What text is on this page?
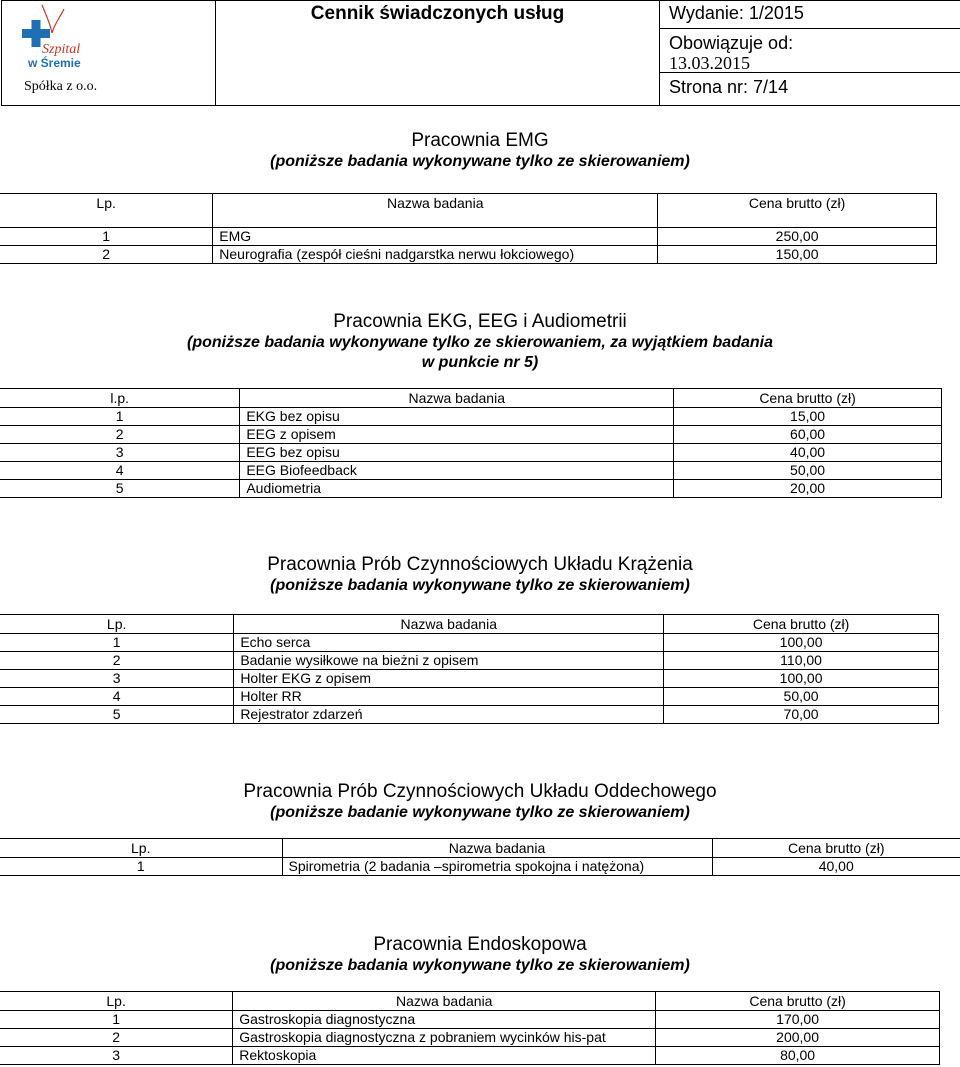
Szpital
w Śremie
Spółka z o.o.
Cennik świadczonych usług	Wydanie: 1/2015
Obowiązuje od:
13.03.2015
Strona nr: 7/14
Pracownia EMG
(poniższe badania wykonywane tylko ze skierowaniem)
Lp.	Nazwa badania	Cena brutto (zł)
1	EMG	250,00
2	Neurografia (zespół cieśni nadgarstka nerwu łokciowego)	150,00
Pracownia EKG, EEG i Audiometrii
(poniższe badania wykonywane tylko ze skierowaniem, za wyjątkiem badania
w punkcie nr 5)
l.p.	Nazwa badania	Cena brutto (zł)
1	EKG bez opisu	15,00
2	EEG z opisem	60,00
3	EEG bez opisu	40,00
4	EEG Biofeedback	50,00
5	Audiometria	20,00
Pracownia Prób Czynnościowych Układu Krążenia
(poniższe badania wykonywane tylko ze skierowaniem)
Lp.	Nazwa badania	Cena brutto (zł)
1	Echo serca	100,00
2	Badanie wysiłkowe na bieżni z opisem	110,00
3	Holter EKG z opisem	100,00
4	Holter RR	50,00
5	Rejestrator zdarzeń	70,00
Pracownia Prób Czynnościowych Układu Oddechowego
(poniższe badanie wykonywane tylko ze skierowaniem)
Lp.	Nazwa badania	Cena brutto (zł)
1	Spirometria (2 badania –spirometria spokojna i natężona)	40,00
Pracownia Endoskopowa
(poniższe badania wykonywane tylko ze skierowaniem)
Lp.	Nazwa badania	Cena brutto (zł)
1	Gastroskopia diagnostyczna	170,00
2	Gastroskopia diagnostyczna z pobraniem wycinków his-pat	200,00
3	Rektoskopia	80,00
